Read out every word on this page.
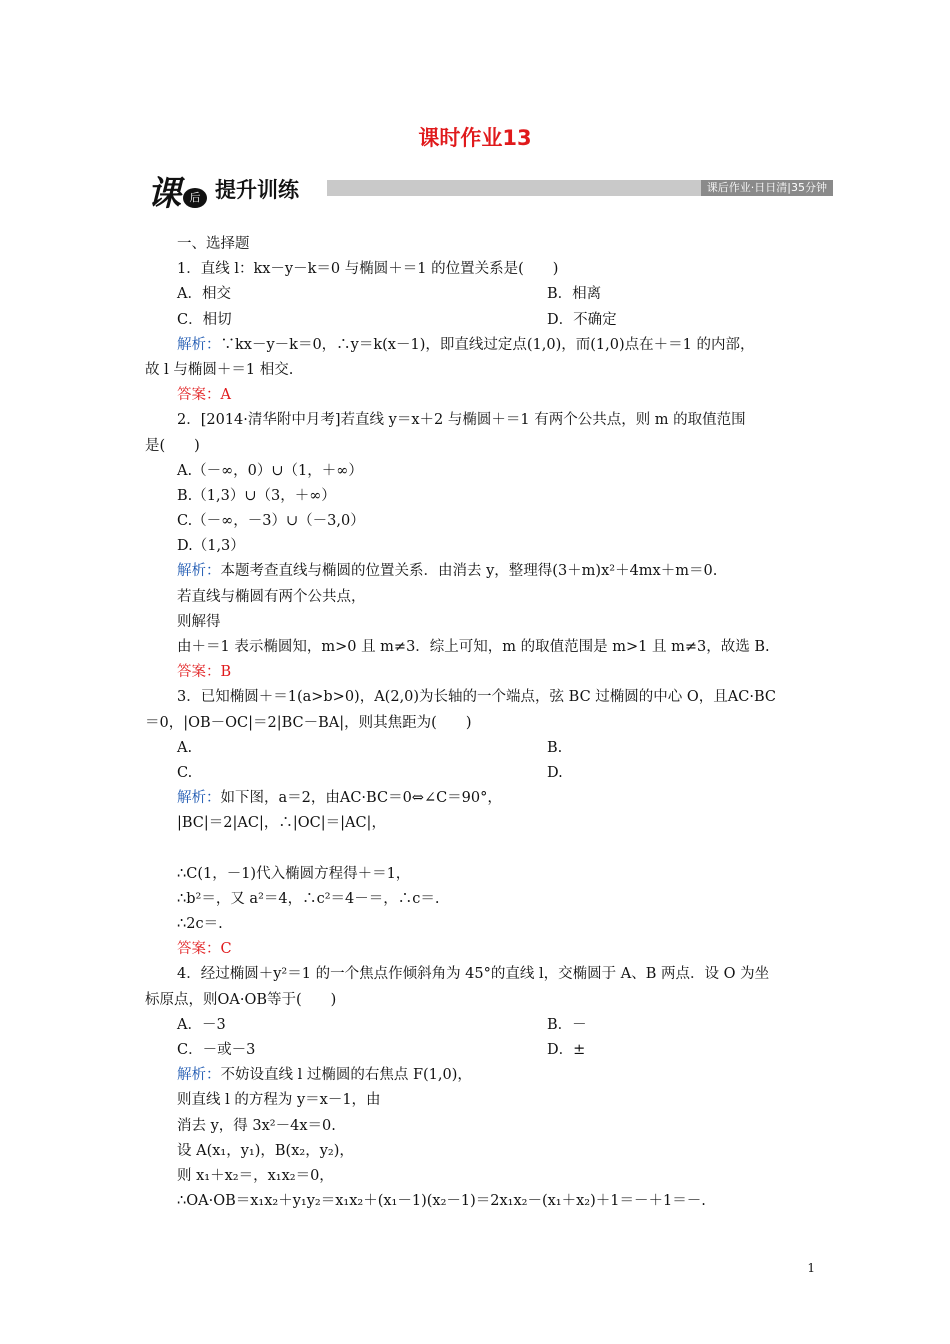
课时作业13
课 后 提升训练	课后作业·日日清|35分钟
一、选择题
1．直线 l：kx－y－k＝0 与椭圆＋＝1 的位置关系是(　　)
A．相交	B．相离
C．相切	D．不确定
解析：∵kx－y－k＝0，∴y＝k(x－1)，即直线过定点(1,0)，而(1,0)点在＋＝1 的内部，
故 l 与椭圆＋＝1 相交.
答案：A
2．[2014·清华附中月考]若直线 y＝x＋2 与椭圆＋＝1 有两个公共点，则 m 的取值范围
是(　　)
A.（－∞，0）∪（1，＋∞）
B.（1,3）∪（3，＋∞）
C.（－∞，－3）∪（－3,0）
D.（1,3）
解析：本题考查直线与椭圆的位置关系．由消去 y，整理得(3＋m)x²＋4mx＋m＝0.
若直线与椭圆有两个公共点，
则解得
由＋＝1 表示椭圆知，m>0 且 m≠3．综上可知，m 的取值范围是 m>1 且 m≠3，故选 B.
答案：B
3．已知椭圆＋＝1(a>b>0)，A(2,0)为长轴的一个端点，弦 BC 过椭圆的中心 O，且AC·BC
＝0，|OB－OC|＝2|BC－BA|，则其焦距为(　　)
A.	B.
C.	D.
解析：如下图，a＝2，由AC·BC＝0⇔∠C＝90°，
|BC|＝2|AC|，∴|OC|＝|AC|，
∴C(1，－1)代入椭圆方程得＋＝1，
∴b²＝，又 a²＝4，∴c²＝4－＝，∴c＝.
∴2c＝.
答案：C
4．经过椭圆＋y²＝1 的一个焦点作倾斜角为 45°的直线 l，交椭圆于 A、B 两点．设 O 为坐
标原点，则OA·OB等于(　　)
A．－3	B．－
C．－或－3	D．±
解析：不妨设直线 l 过椭圆的右焦点 F(1,0)，
则直线 l 的方程为 y＝x－1，由
消去 y，得 3x²－4x＝0.
设 A(x₁，y₁)，B(x₂，y₂)，
则 x₁＋x₂＝，x₁x₂＝0，
∴OA·OB＝x₁x₂＋y₁y₂＝x₁x₂＋(x₁－1)(x₂－1)＝2x₁x₂－(x₁＋x₂)＋1＝－＋1＝－.
1
